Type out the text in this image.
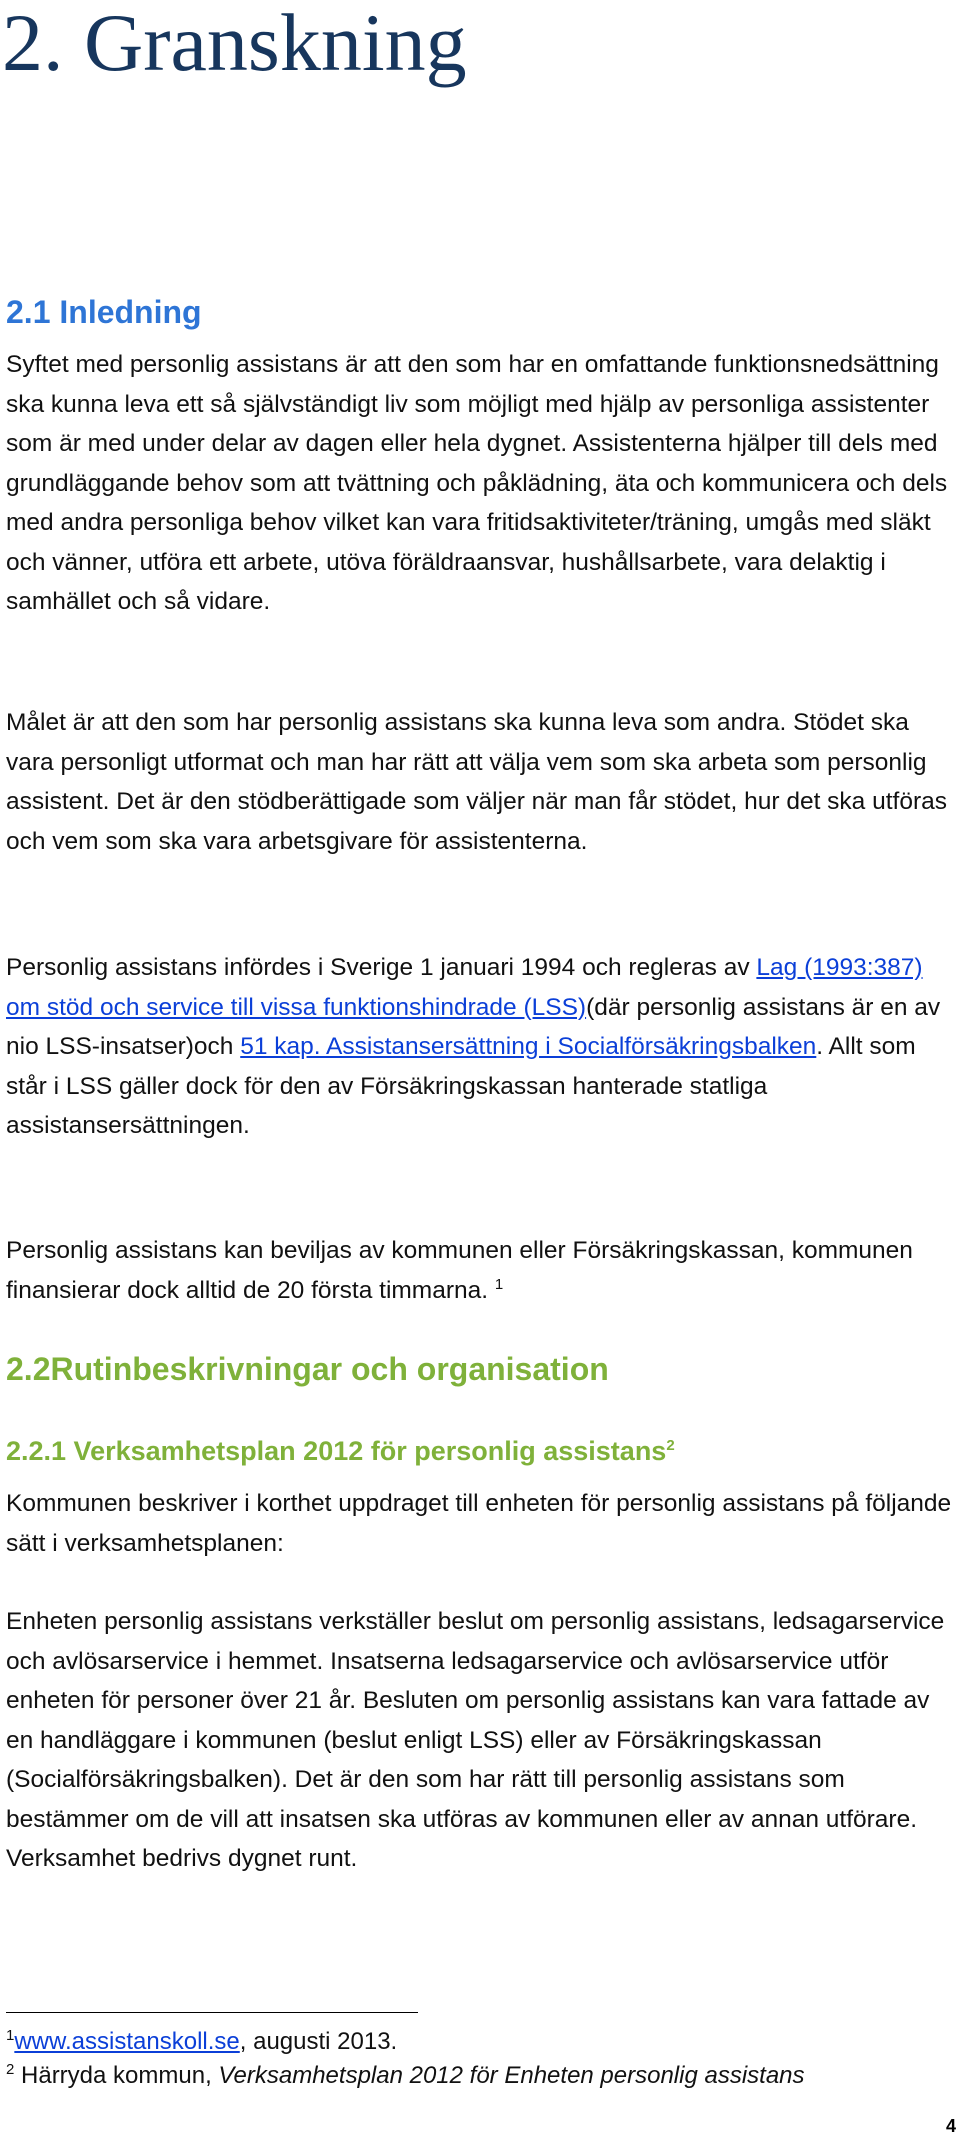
2. Granskning
2.1 Inledning

Syftet med personlig assistans är att den som har en omfattande funktionsnedsättning ska kunna leva ett så självständigt liv som möjligt med hjälp av personliga assistenter som är med under delar av dagen eller hela dygnet. Assistenterna hjälper till dels med grundläggande behov som att tvättning och påklädning, äta och kommunicera och dels med andra personliga behov vilket kan vara fritidsaktiviteter/träning, umgås med släkt och vänner, utföra ett arbete, utöva föräldraansvar, hushållsarbete, vara delaktig i samhället och så vidare.

Målet är att den som har personlig assistans ska kunna leva som andra. Stödet ska vara personligt utformat och man har rätt att välja vem som ska arbeta som personlig assistent. Det är den stödberättigade som väljer när man får stödet, hur det ska utföras och vem som ska vara arbetsgivare för assistenterna.

Personlig assistans infördes i Sverige 1 januari 1994 och regleras av Lag (1993:387) om stöd och service till vissa funktionshindrade (LSS)(där personlig assistans är en av nio LSS-insatser)och 51 kap. Assistansersättning i Socialförsäkringsbalken. Allt som står i LSS gäller dock för den av Försäkringskassan hanterade statliga assistansersättningen.

Personlig assistans kan beviljas av kommunen eller Försäkringskassan, kommunen finansierar dock alltid de 20 första timmarna. $^1$

2.2Rutinbeskrivningar och organisation
2.2.1 Verksamhetsplan 2012 för personlig assistans$^2$

Kommunen beskriver i korthet uppdraget till enheten för personlig assistans på följande sätt i verksamhetsplanen:

Enheten personlig assistans verkställer beslut om personlig assistans, ledsagarservice och avlösarservice i hemmet. Insatserna ledsagarservice och avlösarservice utför enheten för personer över 21 år. Besluten om personlig assistans kan vara fattade av en handläggare i kommunen (beslut enligt LSS) eller av Försäkringskassan (Socialförsäkringsbalken). Det är den som har rätt till personlig assistans som bestämmer om de vill att insatsen ska utföras av kommunen eller av annan utförare. Verksamhet bedrivs dygnet runt.

$^1$www.assistanskoll.se, augusti 2013.

$^2$ Härryda kommun, Verksamhetsplan 2012 för Enheten personlig assistans

4
